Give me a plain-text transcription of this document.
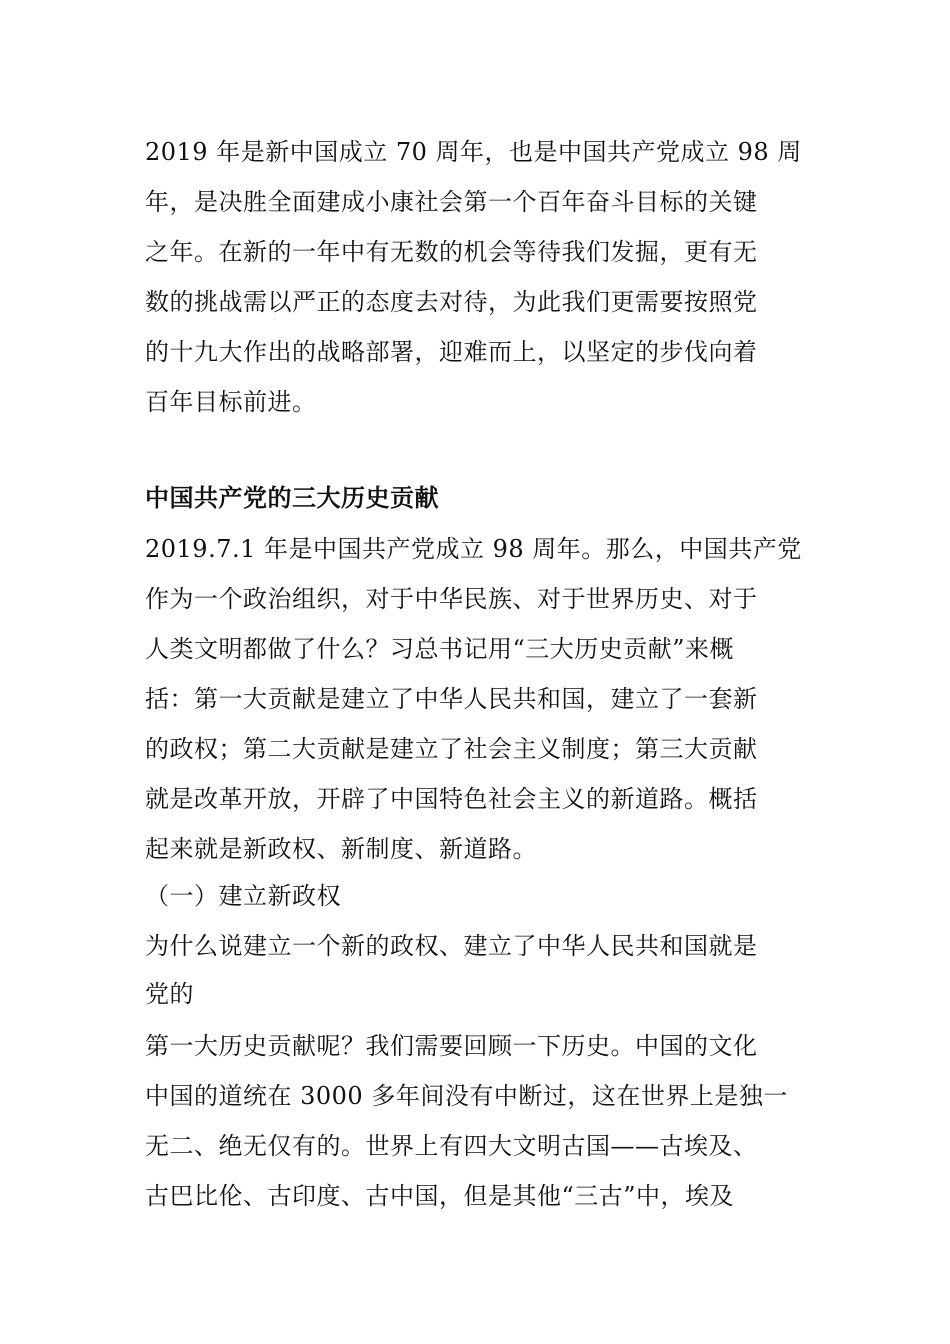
2019 年是新中国成立 70 周年，也是中国共产党成立 98 周
年，是决胜全面建成小康社会第一个百年奋斗目标的关键
之年。在新的一年中有无数的机会等待我们发掘，更有无
数的挑战需以严正的态度去对待，为此我们更需要按照党
的十九大作出的战略部署，迎难而上，以坚定的步伐向着
百年目标前进。
中国共产党的三大历史贡献
2019.7.1 年是中国共产党成立 98 周年。那么，中国共产党
作为一个政治组织，对于中华民族、对于世界历史、对于
人类文明都做了什么？习总书记用“三大历史贡献”来概
括：第一大贡献是建立了中华人民共和国，建立了一套新
的政权；第二大贡献是建立了社会主义制度；第三大贡献
就是改革开放，开辟了中国特色社会主义的新道路。概括
起来就是新政权、新制度、新道路。
（一）建立新政权
为什么说建立一个新的政权、建立了中华人民共和国就是
党的
第一大历史贡献呢？我们需要回顾一下历史。中国的文化
中国的道统在 3000 多年间没有中断过，这在世界上是独一
无二、绝无仅有的。世界上有四大文明古国——古埃及、
古巴比伦、古印度、古中国，但是其他“三古”中，埃及
